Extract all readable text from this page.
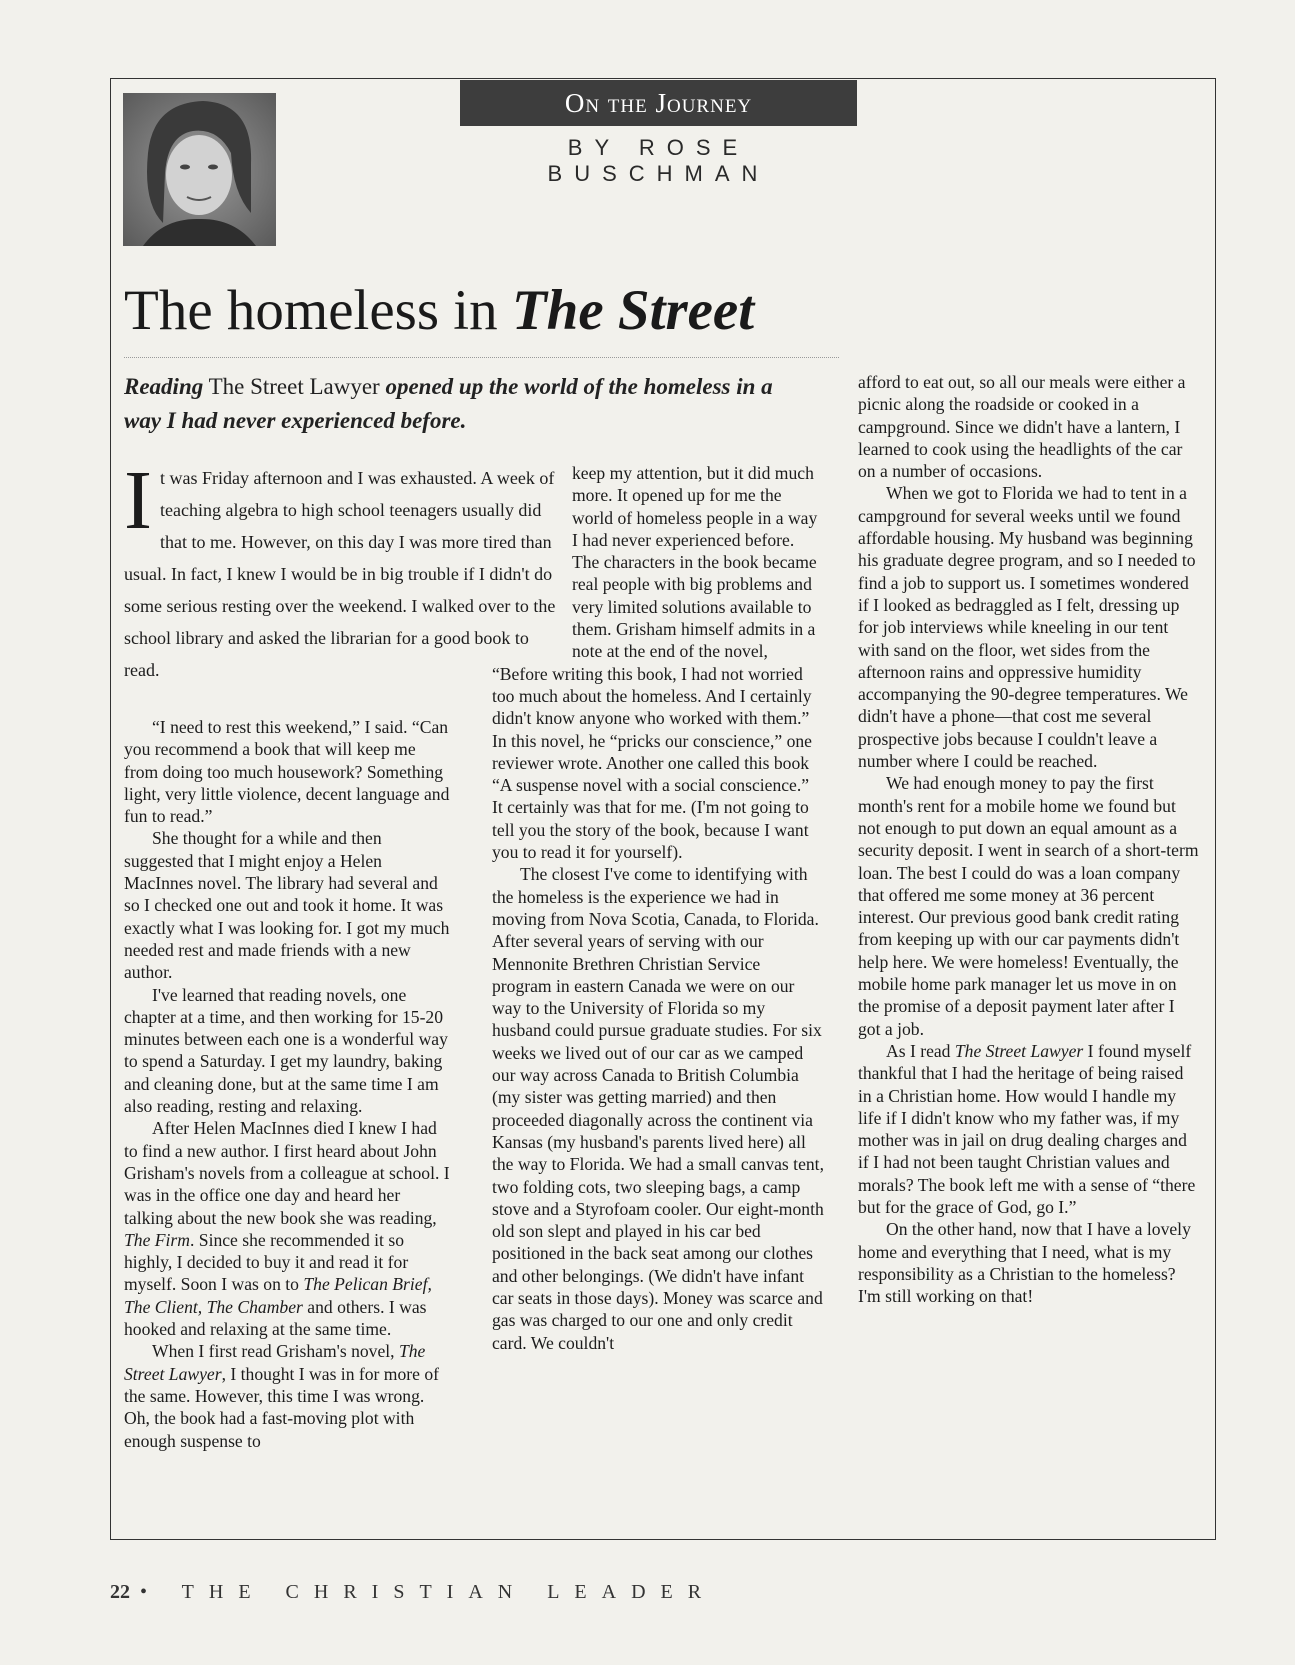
On the Journey
BY ROSE BUSCHMAN
The homeless in The Street

Reading The Street Lawyer opened up the world of the homeless in a way I had never experienced before.

It was Friday afternoon and I was exhausted. A week of teaching algebra to high school teenagers usually did that to me. However, on this day I was more tired than usual. In fact, I knew I would be in big trouble if I didn't do some serious resting over the weekend. I walked over to the school library and asked the librarian for a good book to read.

“I need to rest this weekend,” I said. “Can you recommend a book that will keep me from doing too much housework? Something light, very little violence, decent language and fun to read.”

She thought for a while and then suggested that I might enjoy a Helen MacInnes novel. The library had several and so I checked one out and took it home. It was exactly what I was looking for. I got my much needed rest and made friends with a new author.

I've learned that reading novels, one chapter at a time, and then working for 15-20 minutes between each one is a wonderful way to spend a Saturday. I get my laundry, baking and cleaning done, but at the same time I am also reading, resting and relaxing.

After Helen MacInnes died I knew I had to find a new author. I first heard about John Grisham's novels from a colleague at school. I was in the office one day and heard her talking about the new book she was reading, The Firm. Since she recommended it so highly, I decided to buy it and read it for myself. Soon I was on to The Pelican Brief, The Client, The Chamber and others. I was hooked and relaxing at the same time.

When I first read Grisham's novel, The Street Lawyer, I thought I was in for more of the same. However, this time I was wrong. Oh, the book had a fast-moving plot with enough suspense to

keep my attention, but it did much more. It opened up for me the world of homeless people in a way I had never experienced before. The characters in the book became real people with big problems and very limited solutions available to them. Grisham himself admits in a note at the end of the novel,

“Before writing this book, I had not worried too much about the homeless. And I certainly didn't know anyone who worked with them.” In this novel, he “pricks our conscience,” one reviewer wrote. Another one called this book “A suspense novel with a social conscience.” It certainly was that for me. (I'm not going to tell you the story of the book, because I want you to read it for yourself).

The closest I've come to identifying with the homeless is the experience we had in moving from Nova Scotia, Canada, to Florida. After several years of serving with our Mennonite Brethren Christian Service program in eastern Canada we were on our way to the University of Florida so my husband could pursue graduate studies. For six weeks we lived out of our car as we camped our way across Canada to British Columbia (my sister was getting married) and then proceeded diagonally across the continent via Kansas (my husband's parents lived here) all the way to Florida. We had a small canvas tent, two folding cots, two sleeping bags, a camp stove and a Styrofoam cooler. Our eight-month old son slept and played in his car bed positioned in the back seat among our clothes and other belongings. (We didn't have infant car seats in those days). Money was scarce and gas was charged to our one and only credit card. We couldn't

afford to eat out, so all our meals were either a picnic along the roadside or cooked in a campground. Since we didn't have a lantern, I learned to cook using the headlights of the car on a number of occasions.

When we got to Florida we had to tent in a campground for several weeks until we found affordable housing. My husband was beginning his graduate degree program, and so I needed to find a job to support us. I sometimes wondered if I looked as bedraggled as I felt, dressing up for job interviews while kneeling in our tent with sand on the floor, wet sides from the afternoon rains and oppressive humidity accompanying the 90-degree temperatures. We didn't have a phone—that cost me several prospective jobs because I couldn't leave a number where I could be reached.

We had enough money to pay the first month's rent for a mobile home we found but not enough to put down an equal amount as a security deposit. I went in search of a short-term loan. The best I could do was a loan company that offered me some money at 36 percent interest. Our previous good bank credit rating from keeping up with our car payments didn't help here. We were homeless! Eventually, the mobile home park manager let us move in on the promise of a deposit payment later after I got a job.

As I read The Street Lawyer I found myself thankful that I had the heritage of being raised in a Christian home. How would I handle my life if I didn't know who my father was, if my mother was in jail on drug dealing charges and if I had not been taught Christian values and morals? The book left me with a sense of “there but for the grace of God, go I.”

On the other hand, now that I have a lovely home and everything that I need, what is my responsibility as a Christian to the homeless? I'm still working on that!

22 • THE CHRISTIAN LEADER
